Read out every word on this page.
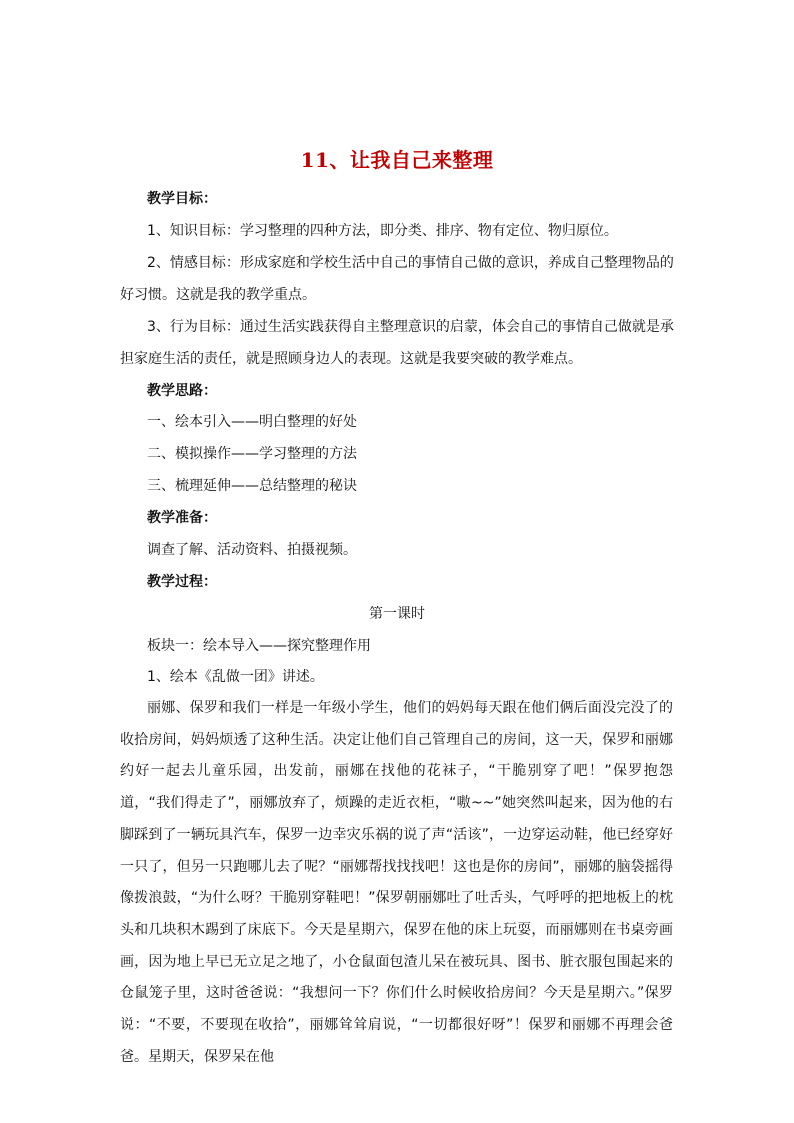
11、让我自己来整理
教学目标：
1、知识目标：学习整理的四种方法，即分类、排序、物有定位、物归原位。
2、情感目标：形成家庭和学校生活中自己的事情自己做的意识，养成自己整理物品的
好习惯。这就是我的教学重点。
3、行为目标：通过生活实践获得自主整理意识的启蒙，体会自己的事情自己做就是承
担家庭生活的责任，就是照顾身边人的表现。这就是我要突破的教学难点。
教学思路：
一、绘本引入——明白整理的好处
二、模拟操作——学习整理的方法
三、梳理延伸——总结整理的秘诀
教学准备：
调查了解、活动资料、拍摄视频。
教学过程：
第一课时
板块一：绘本导入——探究整理作用
1、绘本《乱做一团》讲述。

丽娜、保罗和我们一样是一年级小学生，他们的妈妈每天跟在他们俩后面没完没了的收拾房间，妈妈烦透了这种生活。决定让他们自己管理自己的房间，这一天，保罗和丽娜约好一起去儿童乐园，出发前，丽娜在找他的花袜子，“干脆别穿了吧！”保罗抱怨道，“我们得走了”，丽娜放弃了，烦躁的走近衣柜，“嗷~~”她突然叫起来，因为他的右脚踩到了一辆玩具汽车，保罗一边幸灾乐祸的说了声“活该”，一边穿运动鞋，他已经穿好一只了，但另一只跑哪儿去了呢？“丽娜帮找找找吧！这也是你的房间”，丽娜的脑袋摇得像拨浪鼓，“为什么呀？干脆别穿鞋吧！”保罗朝丽娜吐了吐舌头，气呼呼的把地板上的枕头和几块积木踢到了床底下。今天是星期六，保罗在他的床上玩耍，而丽娜则在书桌旁画画，因为地上早已无立足之地了，小仓鼠面包渣儿呆在被玩具、图书、脏衣服包围起来的仓鼠笼子里，这时爸爸说：“我想问一下？你们什么时候收拾房间？今天是星期六。”保罗说：“不要，不要现在收拾”，丽娜耸耸肩说，“一切都很好呀”！保罗和丽娜不再理会爸爸。星期天，保罗呆在他
